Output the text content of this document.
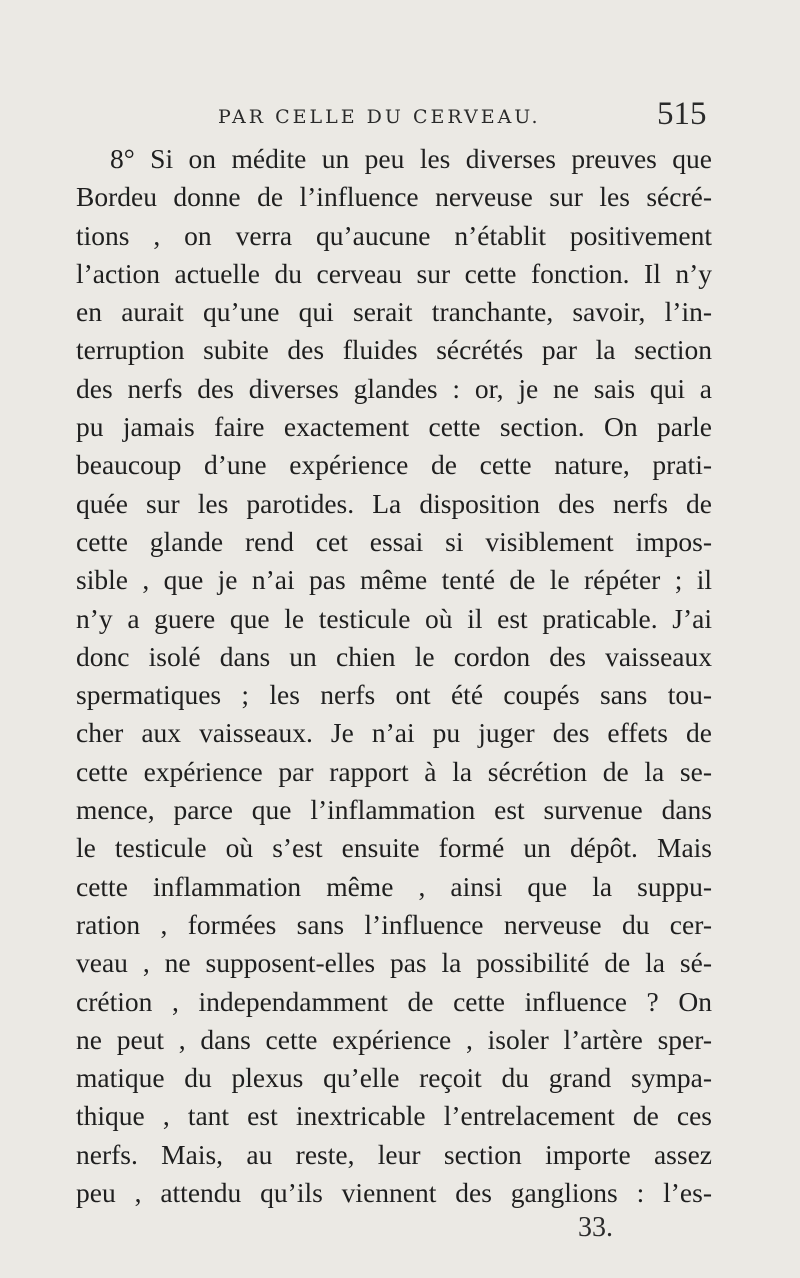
PAR CELLE DU CERVEAU.	515
8° Si on médite un peu les diverses preuves que
Bordeu donne de l’influence nerveuse sur les sécré-
tions , on verra qu’aucune n’établit positivement
l’action actuelle du cerveau sur cette fonction. Il n’y
en aurait qu’une qui serait tranchante, savoir, l’in-
terruption subite des fluides sécrétés par la section
des nerfs des diverses glandes : or, je ne sais qui a
pu jamais faire exactement cette section. On parle
beaucoup d’une expérience de cette nature, prati-
quée sur les parotides. La disposition des nerfs de
cette glande rend cet essai si visiblement impos-
sible , que je n’ai pas même tenté de le répéter ; il
n’y a guere que le testicule où il est praticable. J’ai
donc isolé dans un chien le cordon des vaisseaux
spermatiques ; les nerfs ont été coupés sans tou-
cher aux vaisseaux. Je n’ai pu juger des effets de
cette expérience par rapport à la sécrétion de la se-
mence, parce que l’inflammation est survenue dans
le testicule où s’est ensuite formé un dépôt. Mais
cette inflammation même , ainsi que la suppu-
ration , formées sans l’influence nerveuse du cer-
veau , ne supposent-elles pas la possibilité de la sé-
crétion , independamment de cette influence ? On
ne peut , dans cette expérience , isoler l’artère sper-
matique du plexus qu’elle reçoit du grand sympa-
thique , tant est inextricable l’entrelacement de ces
nerfs. Mais, au reste, leur section importe assez
peu , attendu qu’ils viennent des ganglions : l’es-
33.
